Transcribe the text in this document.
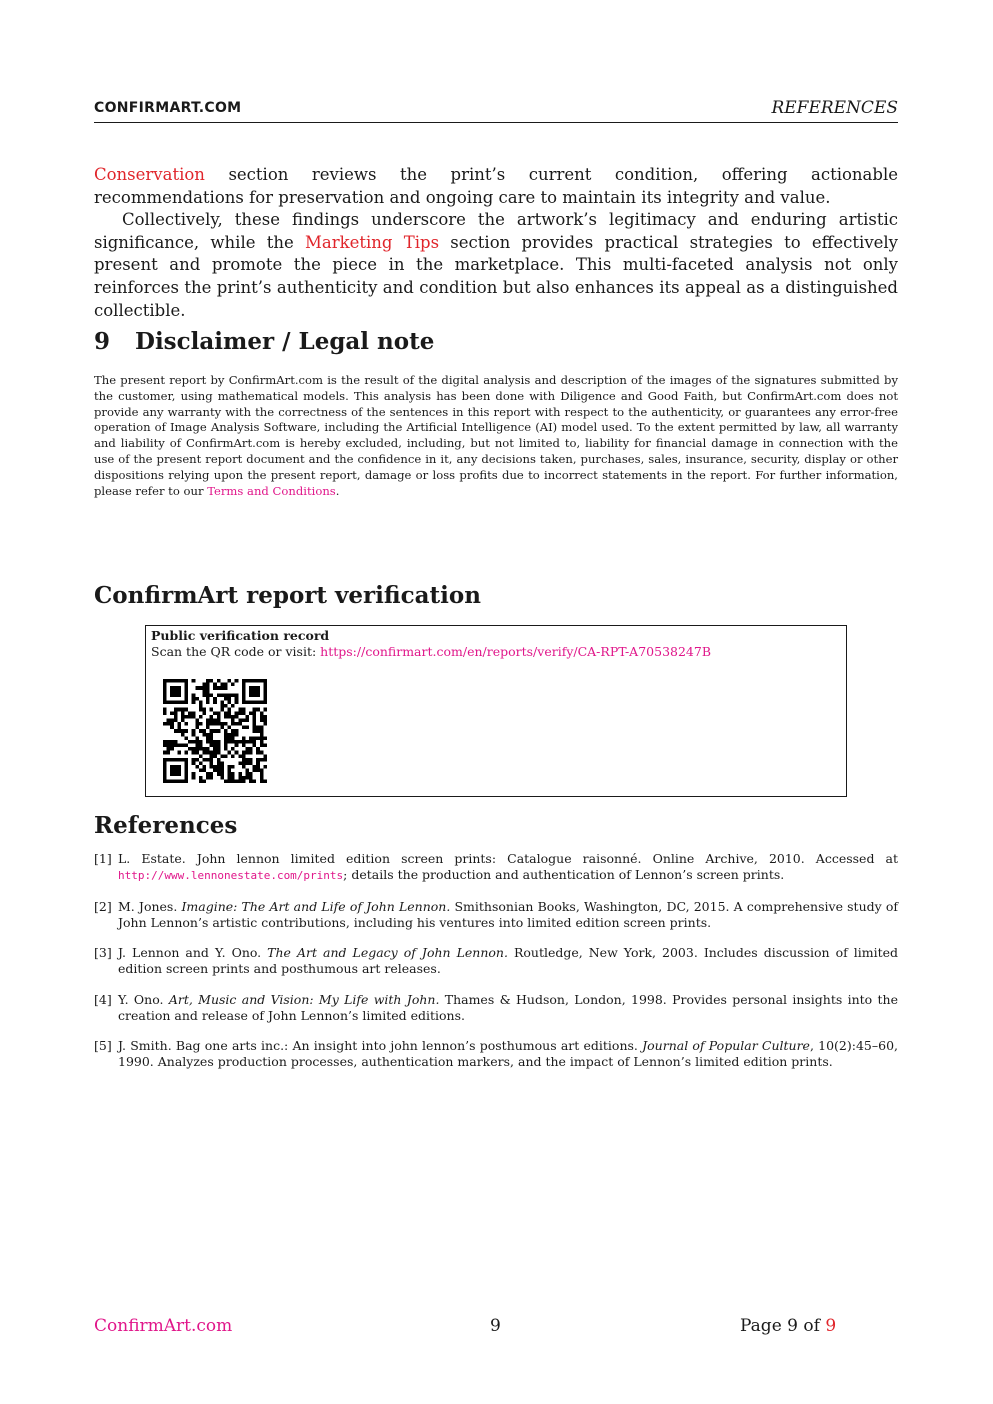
CONFIRMART.COM	REFERENCES

Conservation section reviews the print’s current condition, offering actionable recommendations for preservation and ongoing care to maintain its integrity and value.

Collectively, these findings underscore the artwork’s legitimacy and enduring artistic significance, while the Marketing Tips section provides practical strategies to effectively present and promote the piece in the marketplace. This multi-faceted analysis not only reinforces the print’s authenticity and condition but also enhances its appeal as a distinguished collectible.

9 Disclaimer / Legal note

The present report by ConfirmArt.com is the result of the digital analysis and description of the images of the signatures submitted by the customer, using mathematical models. This analysis has been done with Diligence and Good Faith, but ConfirmArt.com does not provide any warranty with the correctness of the sentences in this report with respect to the authenticity, or guarantees any error-free operation of Image Analysis Software, including the Artificial Intelligence (AI) model used. To the extent permitted by law, all warranty and liability of ConfirmArt.com is hereby excluded, including, but not limited to, liability for financial damage in connection with the use of the present report document and the confidence in it, any decisions taken, purchases, sales, insurance, security, display or other dispositions relying upon the present report, damage or loss profits due to incorrect statements in the report. For further information, please refer to our Terms and Conditions.

ConfirmArt report verification
Public verification record
Scan the QR code or visit: https://confirmart.com/en/reports/verify/CA-RPT-A70538247B
References
[1] L. Estate. John lennon limited edition screen prints: Catalogue raisonné. Online Archive, 2010. Accessed at http://www.lennonestate.com/prints; details the production and authentication of Lennon’s screen prints.
[2] M. Jones. Imagine: The Art and Life of John Lennon. Smithsonian Books, Washington, DC, 2015. A comprehensive study of John Lennon’s artistic contributions, including his ventures into limited edition screen prints.
[3] J. Lennon and Y. Ono. The Art and Legacy of John Lennon. Routledge, New York, 2003. Includes discussion of limited edition screen prints and posthumous art releases.
[4] Y. Ono. Art, Music and Vision: My Life with John. Thames & Hudson, London, 1998. Provides personal insights into the creation and release of John Lennon’s limited editions.
[5] J. Smith. Bag one arts inc.: An insight into john lennon’s posthumous art editions. Journal of Popular Culture, 10(2):45–60, 1990. Analyzes production processes, authentication markers, and the impact of Lennon’s limited edition prints.
ConfirmArt.com	9	Page 9 of 9
